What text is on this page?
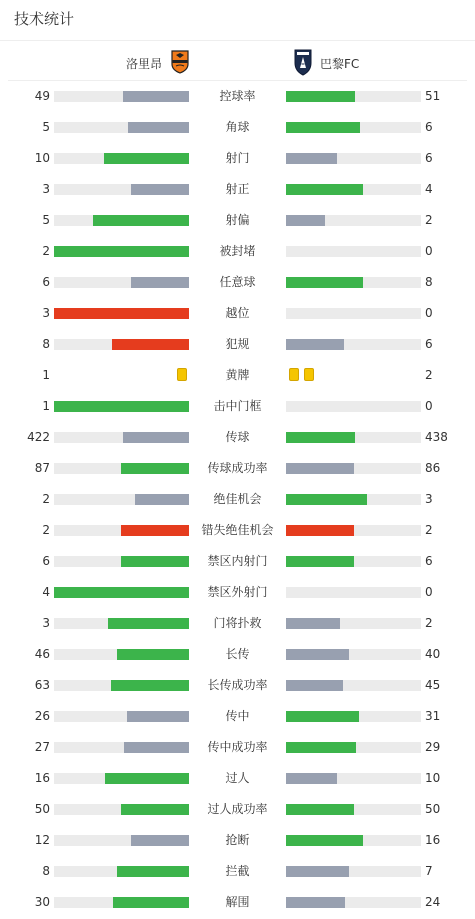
技术统计
洛里昂	巴黎FC
49	控球率	51
5	角球	6
10	射门	6
3	射正	4
5	射偏	2
2	被封堵	0
6	任意球	8
3	越位	0
8	犯规	6
1	黄牌	2
1	击中门框	0
422	传球	438
87	传球成功率	86
2	绝佳机会	3
2	错失绝佳机会	2
6	禁区内射门	6
4	禁区外射门	0
3	门将扑救	2
46	长传	40
63	长传成功率	45
26	传中	31
27	传中成功率	29
16	过人	10
50	过人成功率	50
12	抢断	16
8	拦截	7
30	解围	24
